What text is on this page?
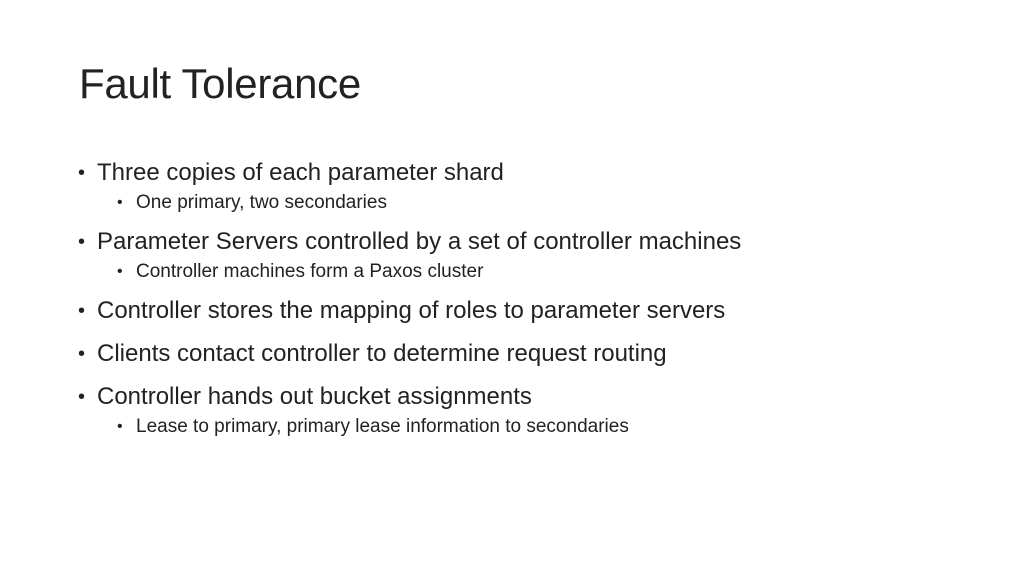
Fault Tolerance
• Three copies of each parameter shard
• One primary, two secondaries
• Parameter Servers controlled by a set of controller machines
• Controller machines form a Paxos cluster
• Controller stores the mapping of roles to parameter servers
• Clients contact controller to determine request routing
• Controller hands out bucket assignments
• Lease to primary, primary lease information to secondaries
